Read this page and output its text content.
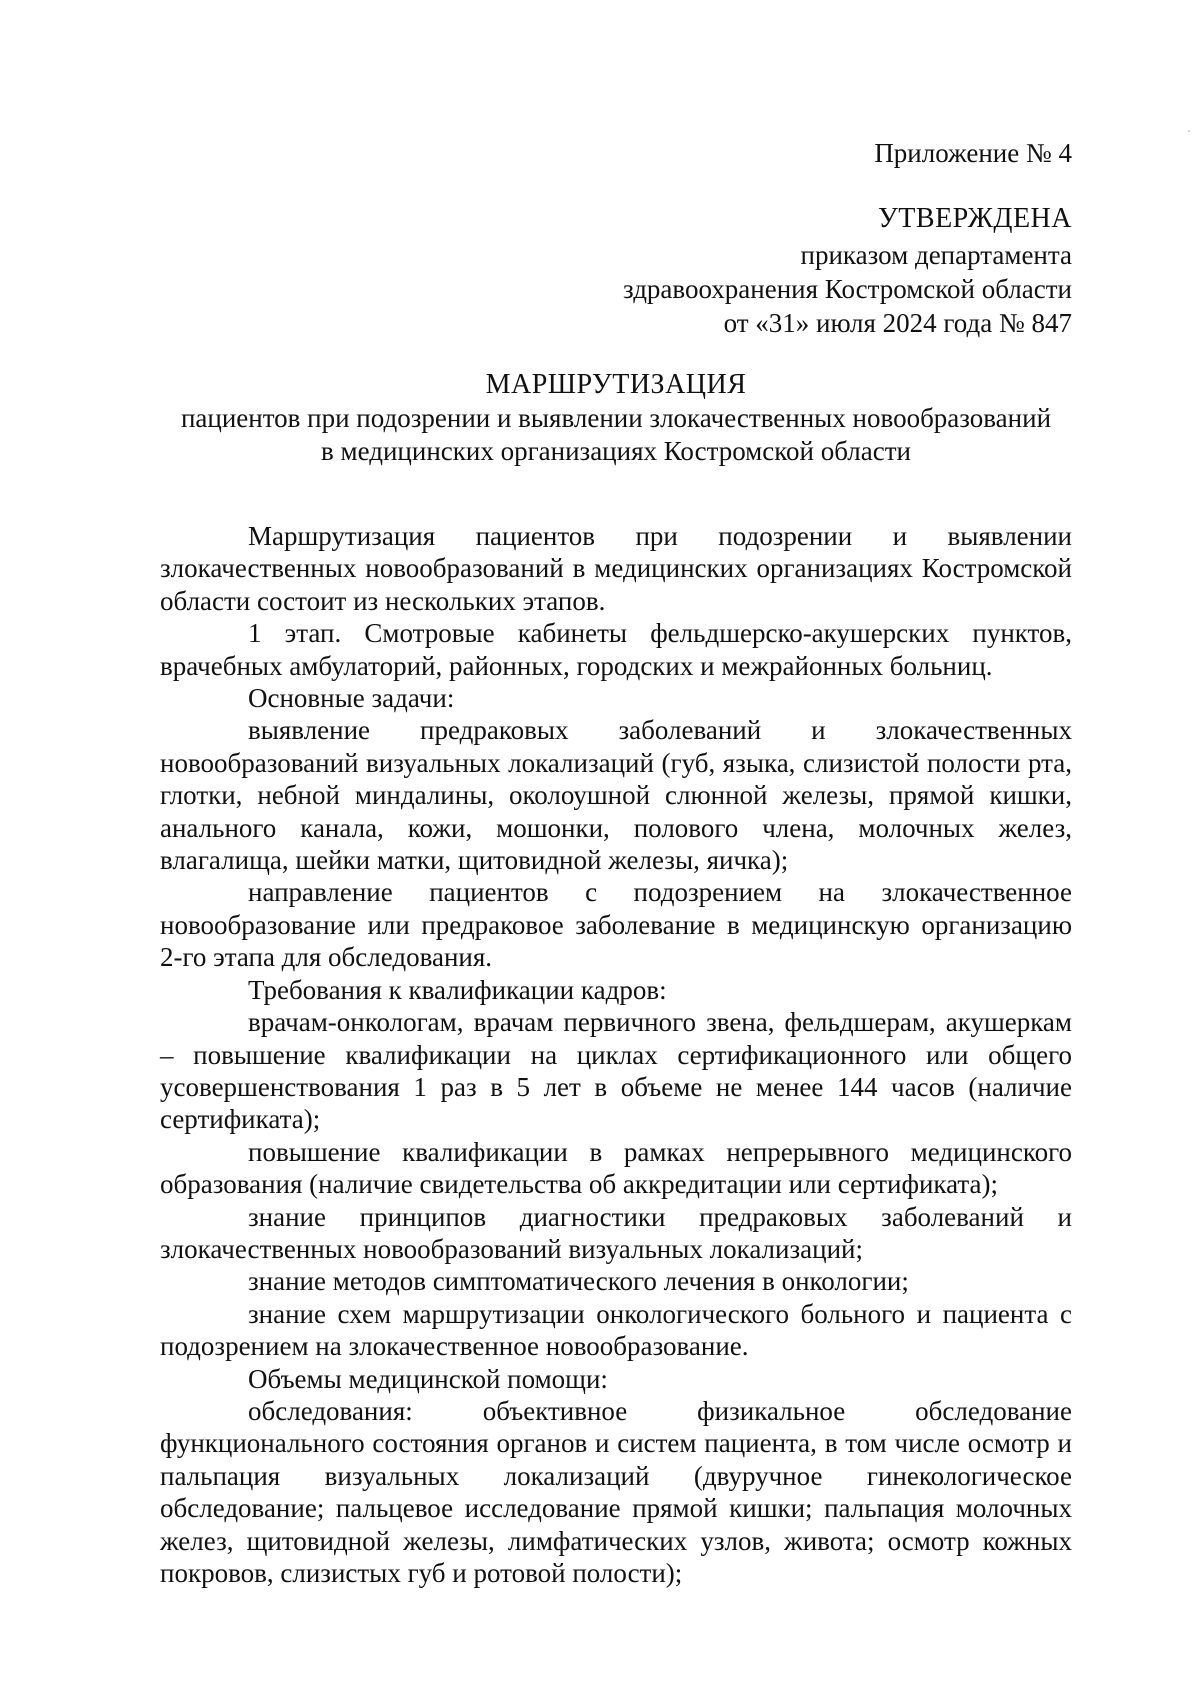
Приложение № 4
УТВЕРЖДЕНА
приказом департамента
здравоохранения Костромской области
от «31» июля 2024 года № 847
МАРШРУТИЗАЦИЯ
пациентов при подозрении и выявлении злокачественных новообразований
в медицинских организациях Костромской области

Маршрутизация пациентов при подозрении и выявлении злокачественных новообразований в медицинских организациях Костромской области состоит из нескольких этапов.

1 этап. Смотровые кабинеты фельдшерско-акушерских пунктов, врачебных амбулаторий, районных, городских и межрайонных больниц.

Основные задачи:

выявление предраковых заболеваний и злокачественных новообразований визуальных локализаций (губ, языка, слизистой полости рта, глотки, небной миндалины, околоушной слюнной железы, прямой кишки, анального канала, кожи, мошонки, полового члена, молочных желез, влагалища, шейки матки, щитовидной железы, яичка);

направление пациентов с подозрением на злокачественное новообразование или предраковое заболевание в медицинскую организацию 2-го этапа для обследования.

Требования к квалификации кадров:

врачам-онкологам, врачам первичного звена, фельдшерам, акушеркам – повышение квалификации на циклах сертификационного или общего усовершенствования 1 раз в 5 лет в объеме не менее 144 часов (наличие сертификата);

повышение квалификации в рамках непрерывного медицинского образования (наличие свидетельства об аккредитации или сертификата);

знание принципов диагностики предраковых заболеваний и злокачественных новообразований визуальных локализаций;

знание методов симптоматического лечения в онкологии;

знание схем маршрутизации онкологического больного и пациента с подозрением на злокачественное новообразование.

Объемы медицинской помощи:

обследования: объективное физикальное обследование функционального состояния органов и систем пациента, в том числе осмотр и пальпация визуальных локализаций (двуручное гинекологическое обследование; пальцевое исследование прямой кишки; пальпация молочных желез, щитовидной железы, лимфатических узлов, живота; осмотр кожных покровов, слизистых губ и ротовой полости);
